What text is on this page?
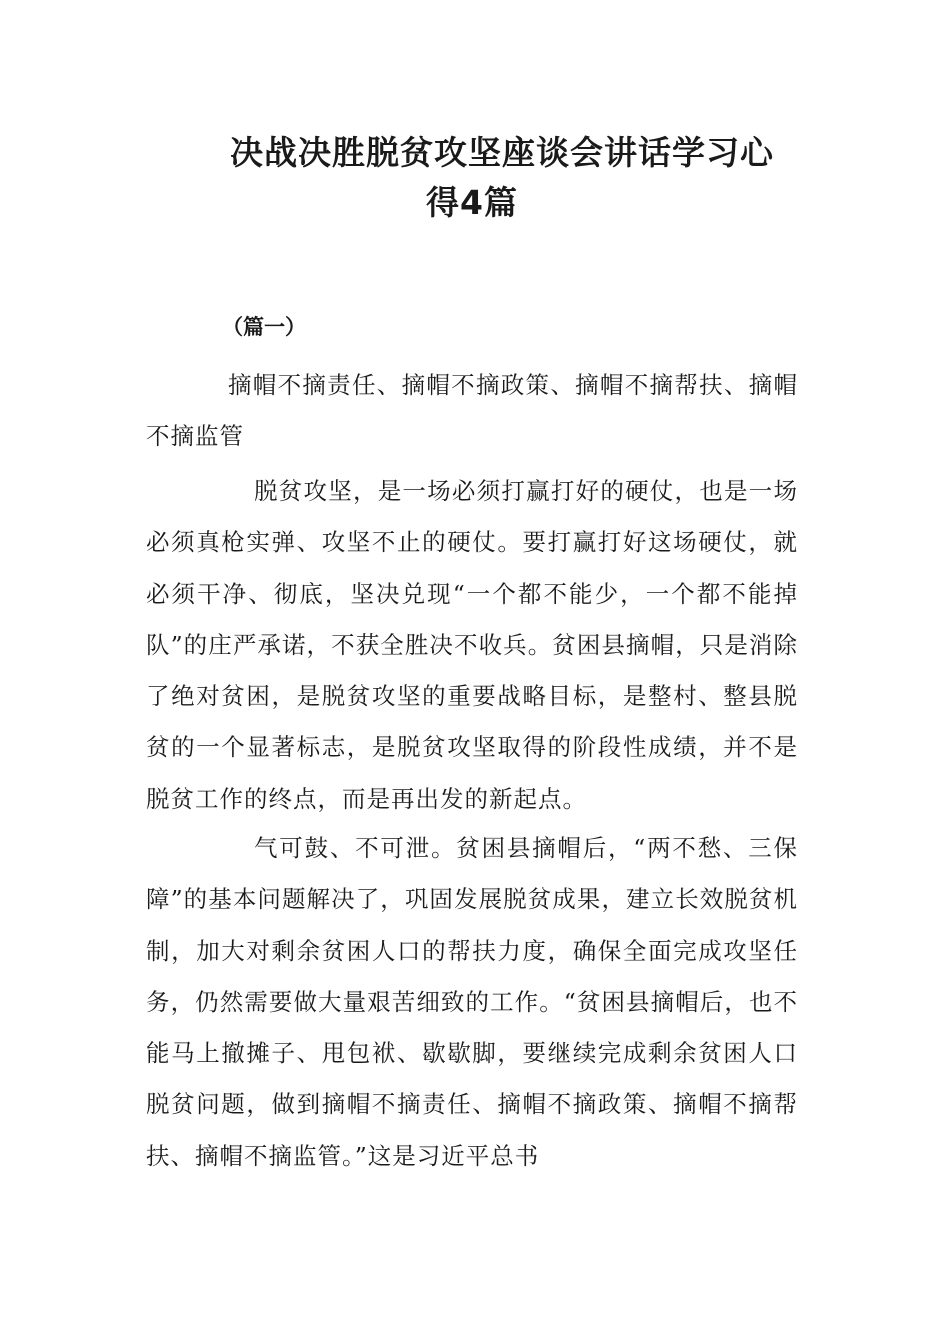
决战决胜脱贫攻坚座谈会讲话学习心
得4篇
（篇一）
摘帽不摘责任、摘帽不摘政策、摘帽不摘帮扶、摘帽不摘监管
脱贫攻坚，是一场必须打赢打好的硬仗，也是一场必须真枪实弹、攻坚不止的硬仗。要打赢打好这场硬仗，就必须干净、彻底，坚决兑现“一个都不能少，一个都不能掉队”的庄严承诺，不获全胜决不收兵。贫困县摘帽，只是消除了绝对贫困，是脱贫攻坚的重要战略目标，是整村、整县脱贫的一个显著标志，是脱贫攻坚取得的阶段性成绩，并不是脱贫工作的终点，而是再出发的新起点。
气可鼓、不可泄。贫困县摘帽后，“两不愁、三保障”的基本问题解决了，巩固发展脱贫成果，建立长效脱贫机制，加大对剩余贫困人口的帮扶力度，确保全面完成攻坚任务，仍然需要做大量艰苦细致的工作。“贫困县摘帽后，也不能马上撤摊子、甩包袱、歇歇脚，要继续完成剩余贫困人口脱贫问题，做到摘帽不摘责任、摘帽不摘政策、摘帽不摘帮扶、摘帽不摘监管。”这是习近平总书
